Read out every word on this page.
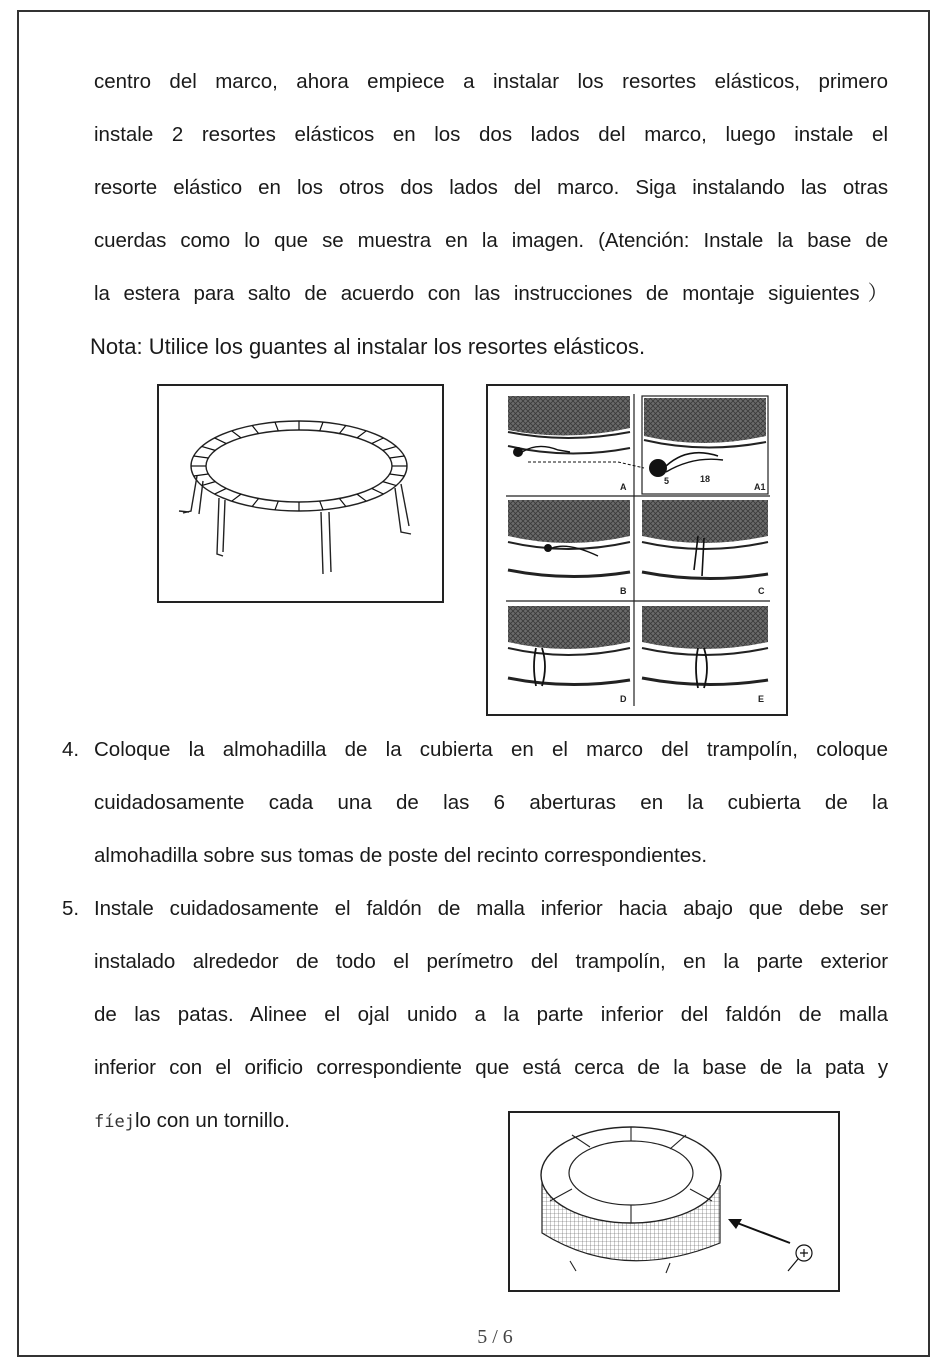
centro del marco, ahora empiece a instalar los resortes elásticos, primero
instale 2 resortes elásticos en los dos lados del marco, luego instale el
resorte elástico en los otros dos lados del marco. Siga instalando las otras
cuerdas como lo que se muestra en la imagen. (Atención: Instale la base de
la estera para salto de acuerdo con las instrucciones de montaje siguientes）
Nota: Utilice los guantes al instalar los resortes elásticos.
A
5	18
A1
B	C
D	E
4. Coloque la almohadilla de la cubierta en el marco del trampolín, coloque
cuidadosamente cada una de las 6 aberturas en la cubierta de la
almohadilla sobre sus tomas de poste del recinto correspondientes.
5. Instale cuidadosamente el faldón de malla inferior hacia abajo que debe ser
instalado alrededor de todo el perímetro del trampolín, en la parte exterior
de las patas. Alinee el ojal unido a la parte inferior del faldón de malla
inferior con el orificio correspondiente que está cerca de la base de la pata y
fíejlo con un tornillo.
5 / 6
